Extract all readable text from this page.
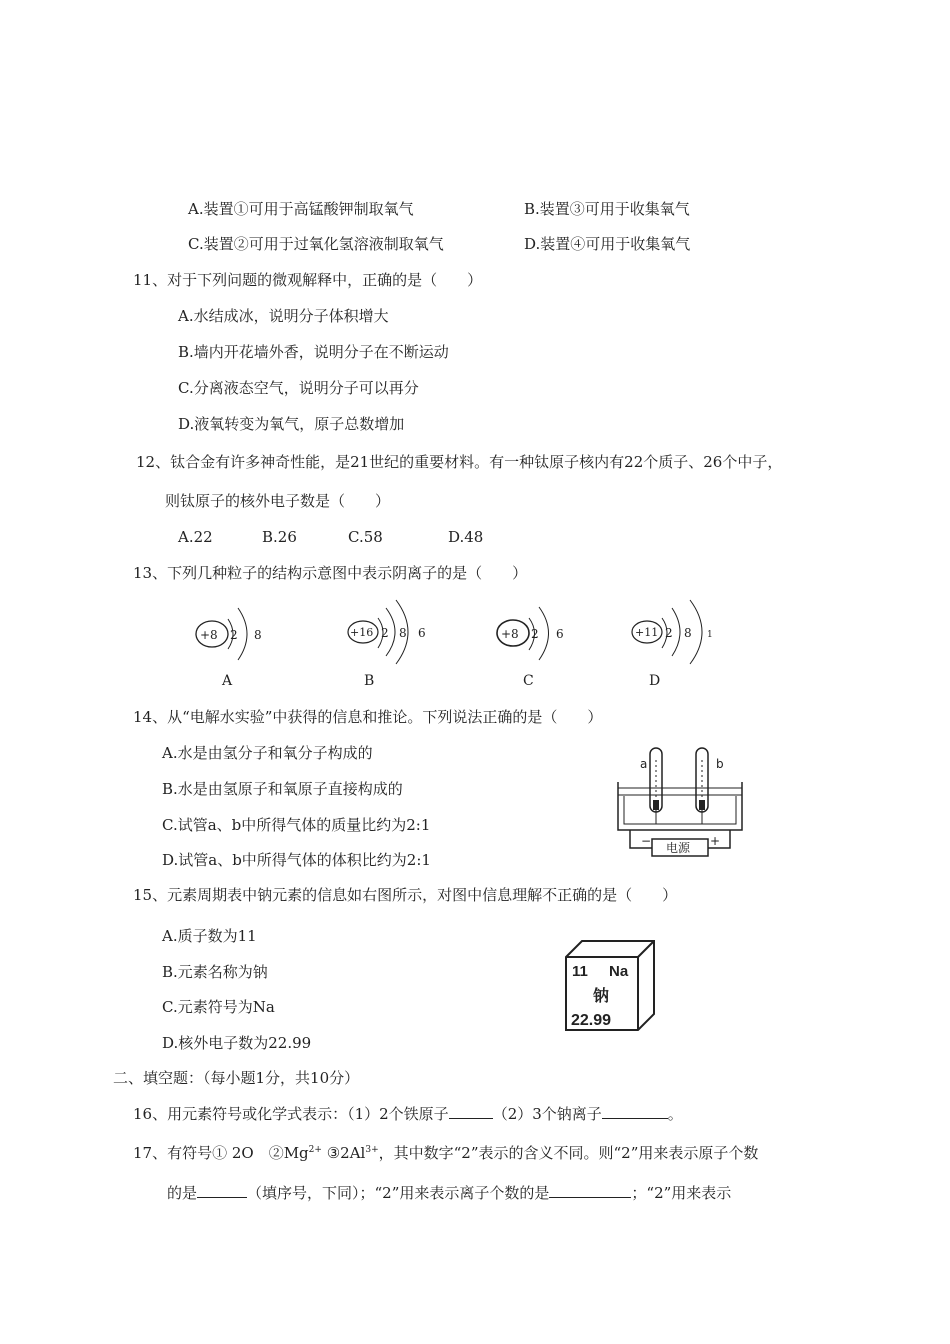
A.装置①可用于高锰酸钾制取氧气	B.装置③可用于收集氧气
C.装置②可用于过氧化氢溶液制取氧气	D.装置④可用于收集氧气
11、对于下列问题的微观解释中，正确的是（　　）
A.水结成冰，说明分子体积增大
B.墙内开花墙外香，说明分子在不断运动
C.分离液态空气，说明分子可以再分
D.液氧转变为氧气，原子总数增加
12、钛合金有许多神奇性能，是21世纪的重要材料。有一种钛原子核内有22个质子、26个中子，
则钛原子的核外电子数是（　　）
A.22	B.26	C.58	D.48
13、下列几种粒子的结构示意图中表示阴离子的是（　　）
+8 2 8	+16 2 8 6	+8 2 6	+11 2 8 1
A	B	C	D
14、从“电解水实验”中获得的信息和推论。下列说法正确的是（　　）
A.水是由氢分子和氧分子构成的
B.水是由氢原子和氧原子直接构成的
C.试管a、b中所得气体的质量比约为2:1
D.试管a、b中所得气体的体积比约为2:1
a	b
电源
−	+
15、元素周期表中钠元素的信息如右图所示，对图中信息理解不正确的是（　　）
A.质子数为11
B.元素名称为钠
C.元素符号为Na
D.核外电子数为22.99
11 Na
钠
22.99
二、填空题：（每小题1分，共10分）
16、用元素符号或化学式表示：（1）2个铁原子	（2）3个钠离子	。
17、有符号① 2O　$②Mg^{2+}$ $③2Al^{3+}$，其中数字“2”表示的含义不同。则“2”用来表示原子个数
的是	（填序号，下同）；“2”用来表示离子个数的是	；“2”用来表示
